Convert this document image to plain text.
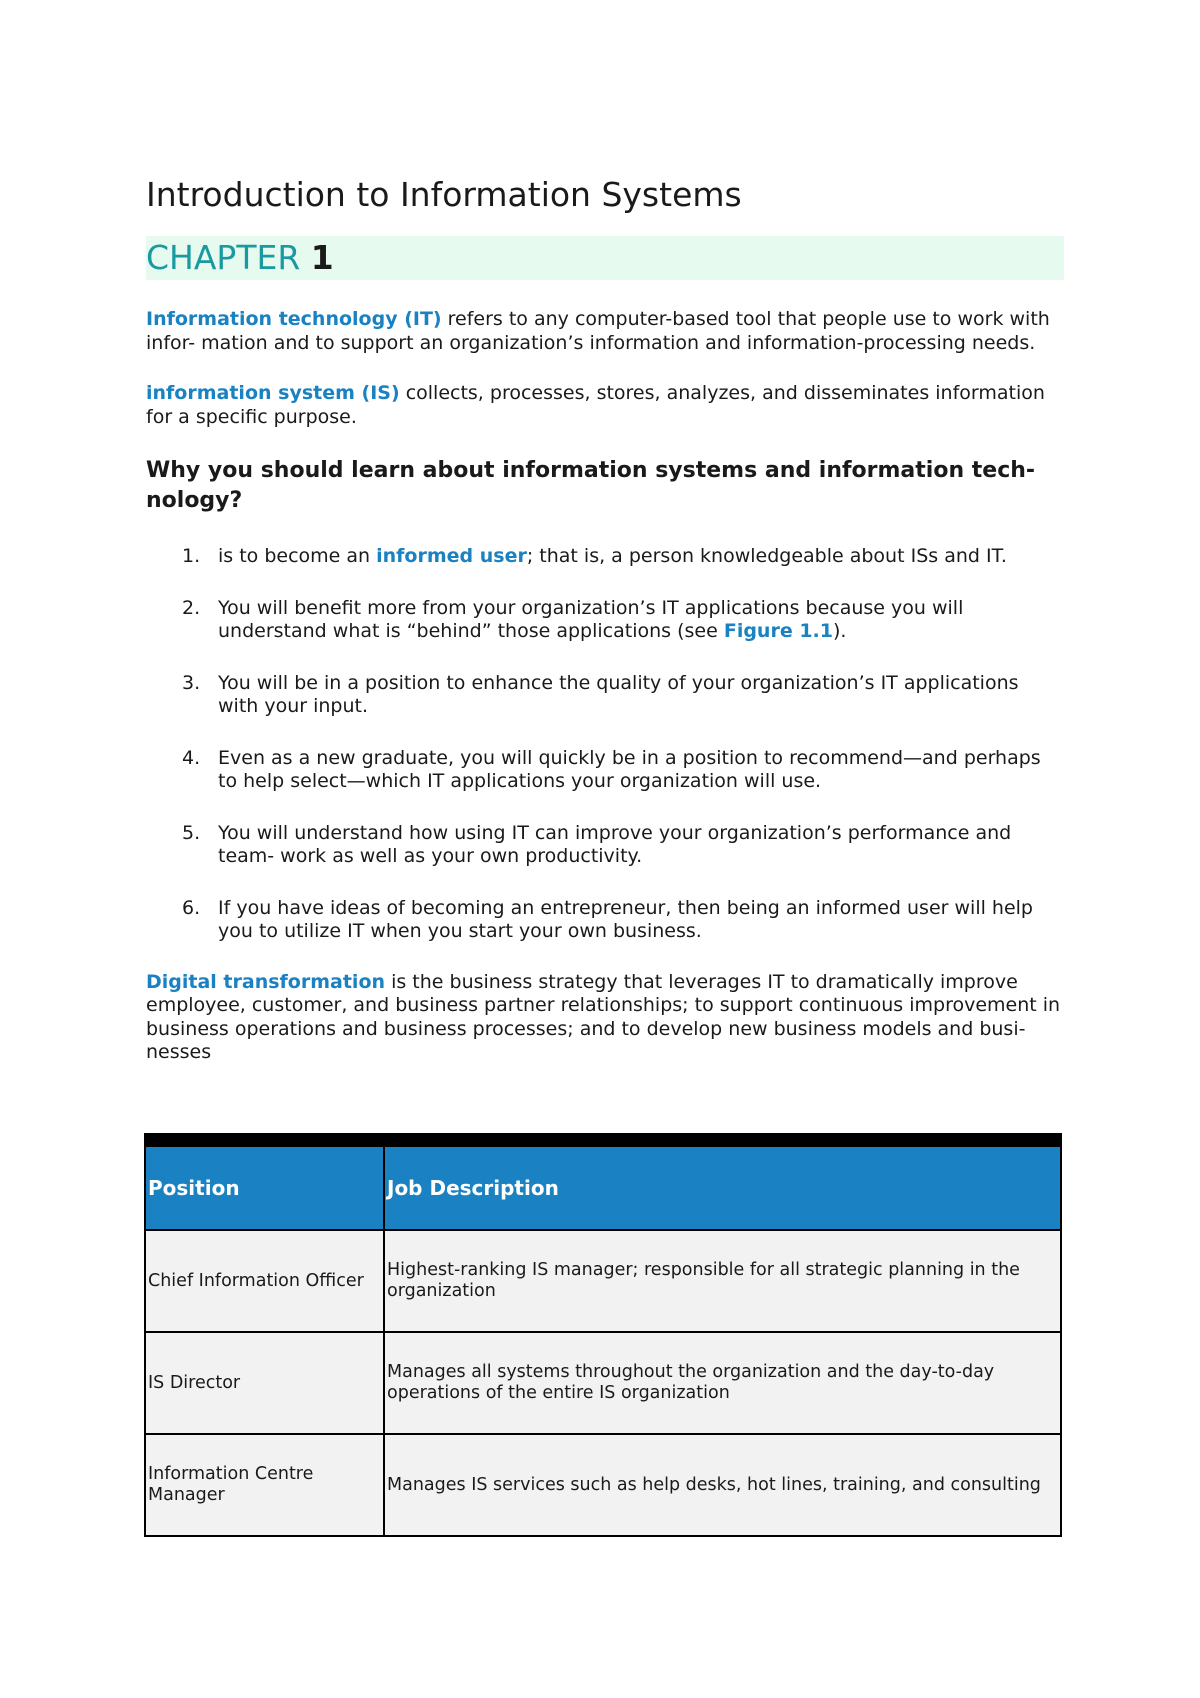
Introduction to Information Systems
CHAPTER 1

Information technology (IT) refers to any computer-based tool that people use to work with infor- mation and to support an organization’s information and information-processing needs.

information system (IS) collects, processes, stores, analyzes, and disseminates information for a specific purpose.

Why you should learn about information systems and information tech- nology?
1. is to become an informed user; that is, a person knowledgeable about ISs and IT.
2. You will benefit more from your organization’s IT applications because you will understand what is “behind” those applications (see Figure 1.1).
3. You will be in a position to enhance the quality of your organization’s IT applications with your input.
4. Even as a new graduate, you will quickly be in a position to recommend—and perhaps to help select—which IT applications your organization will use.
5. You will understand how using IT can improve your organization’s performance and team- work as well as your own productivity.
6. If you have ideas of becoming an entrepreneur, then being an informed user will help you to utilize IT when you start your own business.

Digital transformation is the business strategy that leverages IT to dramatically improve employee, customer, and business partner relationships; to support continuous improvement in business operations and business processes; and to develop new business models and busi- nesses

Position	Job Description
Chief Information Officer	Highest-ranking IS manager; responsible for all strategic planning in the organization
IS Director	Manages all systems throughout the organization and the day-to-day operations of the entire IS organization
Information Centre Manager	Manages IS services such as help desks, hot lines, training, and consulting
